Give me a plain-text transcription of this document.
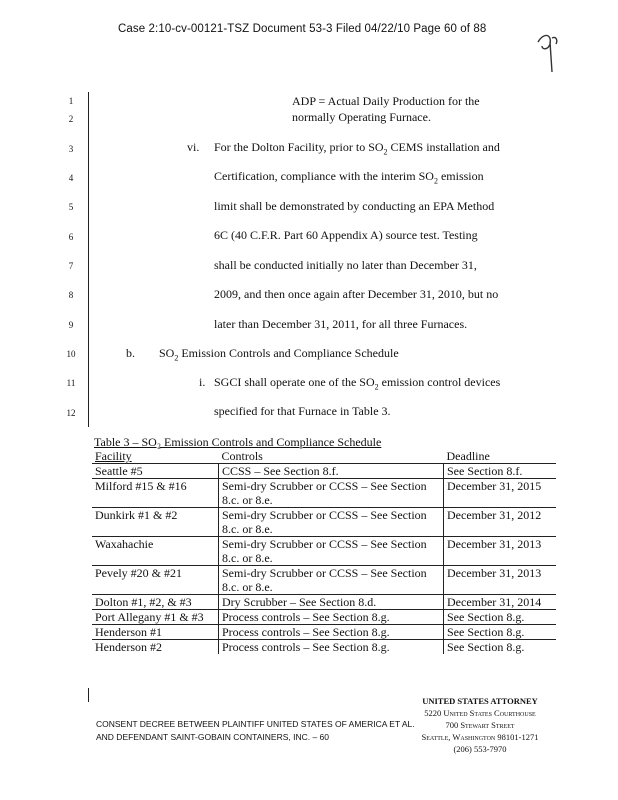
Case 2:10-cv-00121-TSZ Document 53-3 Filed 04/22/10 Page 60 of 88
1
2
3
4
5
6
7
8
9
10
11
12
ADP = Actual Daily Production for the
normally Operating Furnace.
vi. For the Dolton Facility, prior to $SO_2$ CEMS installation and
Certification, compliance with the interim $SO_2$ emission
limit shall be demonstrated by conducting an EPA Method
6C (40 C.F.R. Part 60 Appendix A) source test. Testing
shall be conducted initially no later than December 31,
2009, and then once again after December 31, 2010, but no
later than December 31, 2011, for all three Furnaces.
b. $SO_2$ Emission Controls and Compliance Schedule
i. SGCI shall operate one of the $SO_2$ emission control devices
specified for that Furnace in Table 3.
Table 3 – SO₂ Emission Controls and Compliance Schedule
Facility	Controls	Deadline
Seattle #5	CCSS – See Section 8.f.	See Section 8.f.
Milford #15 & #16	Semi-dry Scrubber or CCSS – See Section 8.c. or 8.e.	December 31, 2015
Dunkirk #1 & #2	Semi-dry Scrubber or CCSS – See Section 8.c. or 8.e.	December 31, 2012
Waxahachie	Semi-dry Scrubber or CCSS – See Section 8.c. or 8.e.	December 31, 2013
Pevely #20 & #21	Semi-dry Scrubber or CCSS – See Section 8.c. or 8.e.	December 31, 2013
Dolton #1, #2, & #3	Dry Scrubber – See Section 8.d.	December 31, 2014
Port Allegany #1 & #3	Process controls – See Section 8.g.	See Section 8.g.
Henderson #1	Process controls – See Section 8.g.	See Section 8.g.
Henderson #2	Process controls – See Section 8.g.	See Section 8.g.
CONSENT DECREE BETWEEN PLAINTIFF UNITED STATES OF AMERICA ET AL.
AND DEFENDANT SAINT-GOBAIN CONTAINERS, INC. – 60
UNITED STATES ATTORNEY
5220 United States Courthouse
700 Stewart Street
Seattle, Washington 98101-1271
(206) 553-7970
